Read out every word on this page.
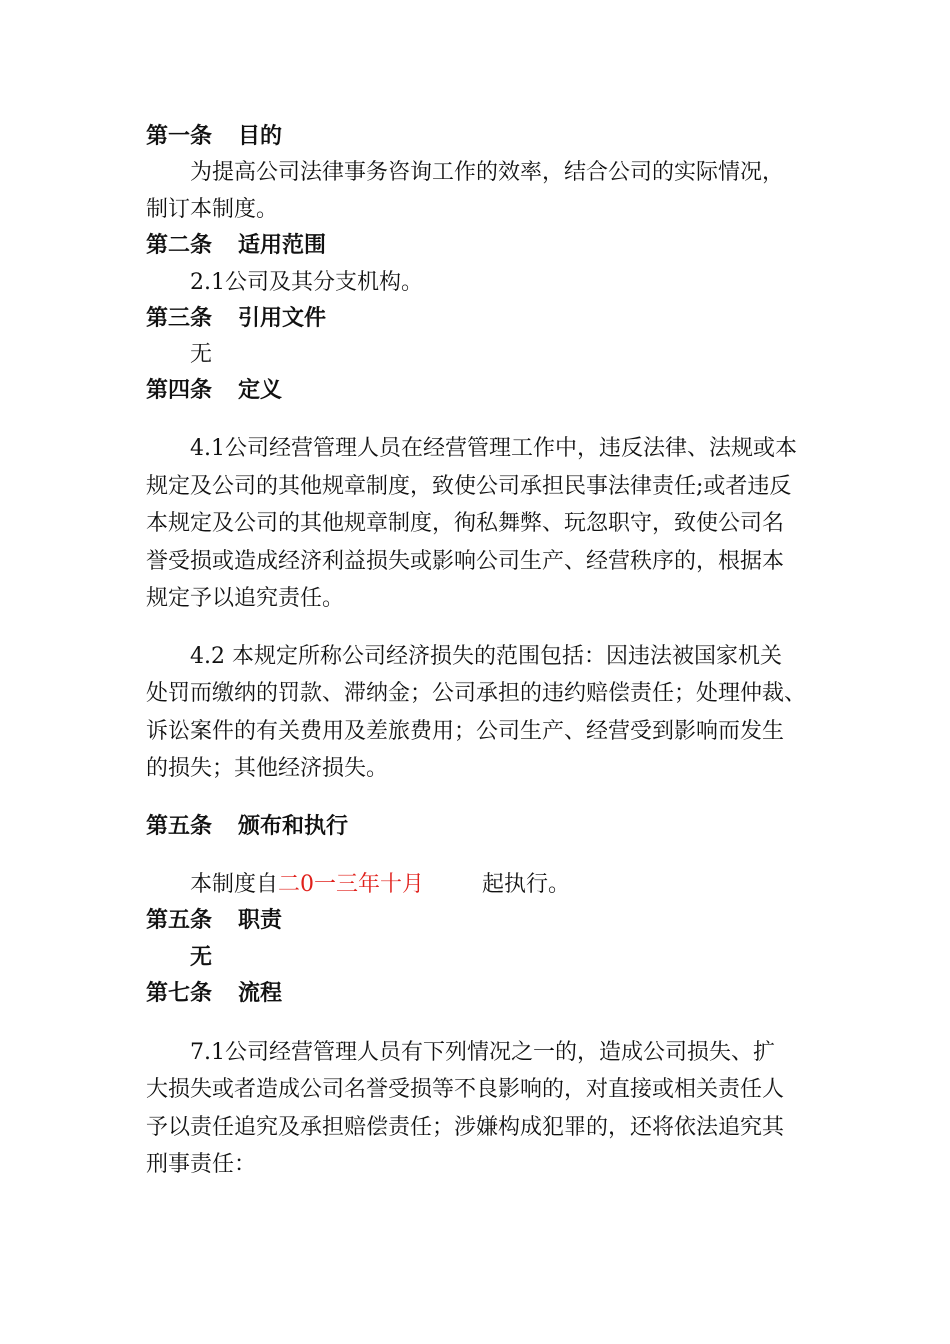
第一条 目的
为提高公司法律事务咨询工作的效率，结合公司的实际情况，
制订本制度。
第二条 适用范围
2.1公司及其分支机构。
第三条 引用文件
无
第四条 定义
4.1公司经营管理人员在经营管理工作中，违反法律、法规或本
规定及公司的其他规章制度，致使公司承担民事法律责任;或者违反
本规定及公司的其他规章制度，徇私舞弊、玩忽职守，致使公司名
誉受损或造成经济利益损失或影响公司生产、经营秩序的，根据本
规定予以追究责任。
4.2 本规定所称公司经济损失的范围包括：因违法被国家机关
处罚而缴纳的罚款、滞纳金；公司承担的违约赔偿责任；处理仲裁、
诉讼案件的有关费用及差旅费用；公司生产、经营受到影响而发生
的损失；其他经济损失。
第五条 颁布和执行
本制度自二0一三年十月	起执行。
第五条 职责
无
第七条 流程
7.1公司经营管理人员有下列情况之一的，造成公司损失、扩
大损失或者造成公司名誉受损等不良影响的，对直接或相关责任人
予以责任追究及承担赔偿责任；涉嫌构成犯罪的，还将依法追究其
刑事责任：
